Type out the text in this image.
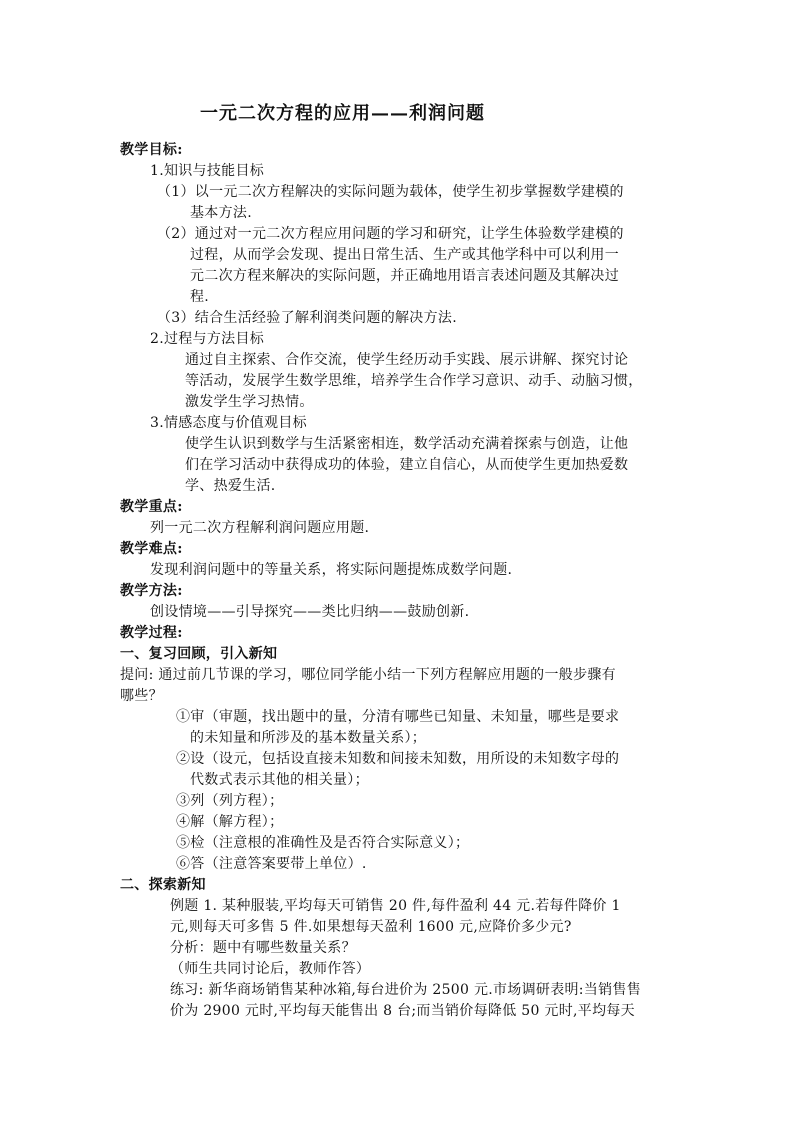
一元二次方程的应用——利润问题
教学目标:
1.知识与技能目标
（1）以一元二次方程解决的实际问题为载体，使学生初步掌握数学建模的
基本方法.
（2）通过对一元二次方程应用问题的学习和研究，让学生体验数学建模的
过程，从而学会发现、提出日常生活、生产或其他学科中可以利用一
元二次方程来解决的实际问题，并正确地用语言表述问题及其解决过
程.
（3）结合生活经验了解利润类问题的解决方法.
2.过程与方法目标
通过自主探索、合作交流，使学生经历动手实践、展示讲解、探究讨论
等活动，发展学生数学思维，培养学生合作学习意识、动手、动脑习惯，
激发学生学习热情。
3.情感态度与价值观目标
使学生认识到数学与生活紧密相连，数学活动充满着探索与创造，让他
们在学习活动中获得成功的体验，建立自信心，从而使学生更加热爱数
学、热爱生活.
教学重点:
列一元二次方程解利润问题应用题.
教学难点:
发现利润问题中的等量关系，将实际问题提炼成数学问题.
教学方法:
创设情境——引导探究——类比归纳——鼓励创新.
教学过程:
一、复习回顾，引入新知
提问: 通过前几节课的学习，哪位同学能小结一下列方程解应用题的一般步骤有
哪些？
①审（审题，找出题中的量，分清有哪些已知量、未知量，哪些是要求
的未知量和所涉及的基本数量关系）；
②设（设元，包括设直接未知数和间接未知数，用所设的未知数字母的
代数式表示其他的相关量）；
③列（列方程）；
④解（解方程）；
⑤检（注意根的准确性及是否符合实际意义）；
⑥答（注意答案要带上单位）.
二、探索新知
例题 1. 某种服装,平均每天可销售 20 件,每件盈利 44 元.若每件降价 1
元,则每天可多售 5 件.如果想每天盈利 1600 元,应降价多少元?
分析：题中有哪些数量关系？
（师生共同讨论后，教师作答）
练习: 新华商场销售某种冰箱,每台进价为 2500 元.市场调研表明:当销售售
价为 2900 元时,平均每天能售出 8 台;而当销价每降低 50 元时,平均每天
